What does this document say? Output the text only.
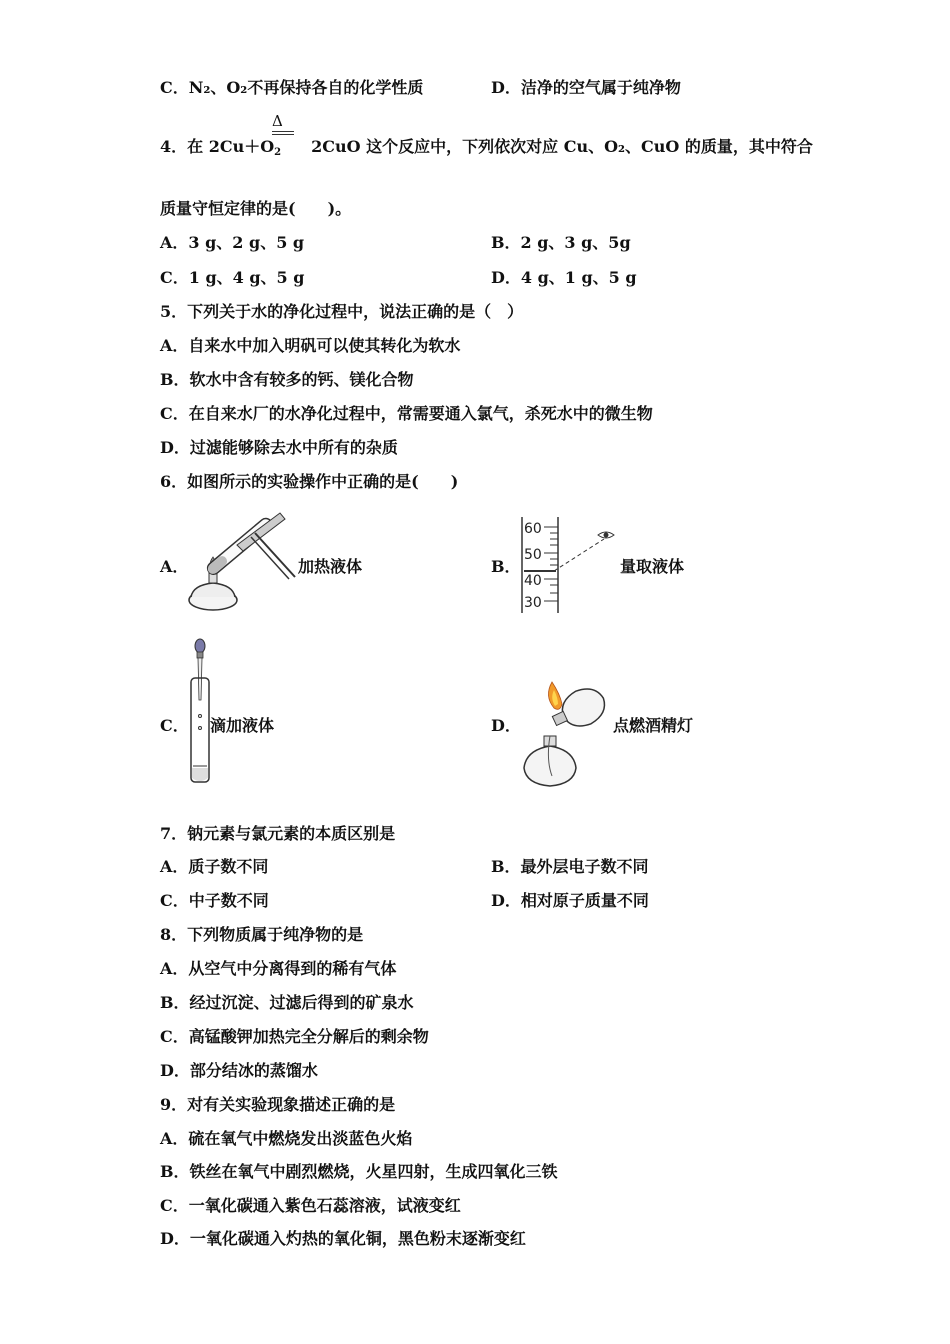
C．N₂、O₂不再保持各自的化学性质	D．洁净的空气属于纯净物
Δ
4．在 $2Cu+O_2$ 2CuO 这个反应中，下列依次对应 Cu、O₂、CuO 的质量，其中符合
质量守恒定律的是(　　)。
A．3 g、2 g、5 g	B．2 g、3 g、5g
C．1 g、4 g、5 g	D．4 g、1 g、5 g
5．下列关于水的净化过程中，说法正确的是（　）
A．自来水中加入明矾可以使其转化为软水
B．软水中含有较多的钙、镁化合物
C．在自来水厂的水净化过程中，常需要通入氯气，杀死水中的微生物
D．过滤能够除去水中所有的杂质
6．如图所示的实验操作中正确的是(　　)
A．	加热液体	B．
60
50
40
30
量取液体
C． 滴加液体	D．	点燃酒精灯
7．钠元素与氯元素的本质区别是
A．质子数不同	B．最外层电子数不同
C．中子数不同	D．相对原子质量不同
8．下列物质属于纯净物的是
A．从空气中分离得到的稀有气体
B．经过沉淀、过滤后得到的矿泉水
C．高锰酸钾加热完全分解后的剩余物
D．部分结冰的蒸馏水
9．对有关实验现象描述正确的是
A．硫在氧气中燃烧发出淡蓝色火焰
B．铁丝在氧气中剧烈燃烧，火星四射，生成四氧化三铁
C．一氧化碳通入紫色石蕊溶液，试液变红
D．一氧化碳通入灼热的氧化铜，黑色粉末逐渐变红
